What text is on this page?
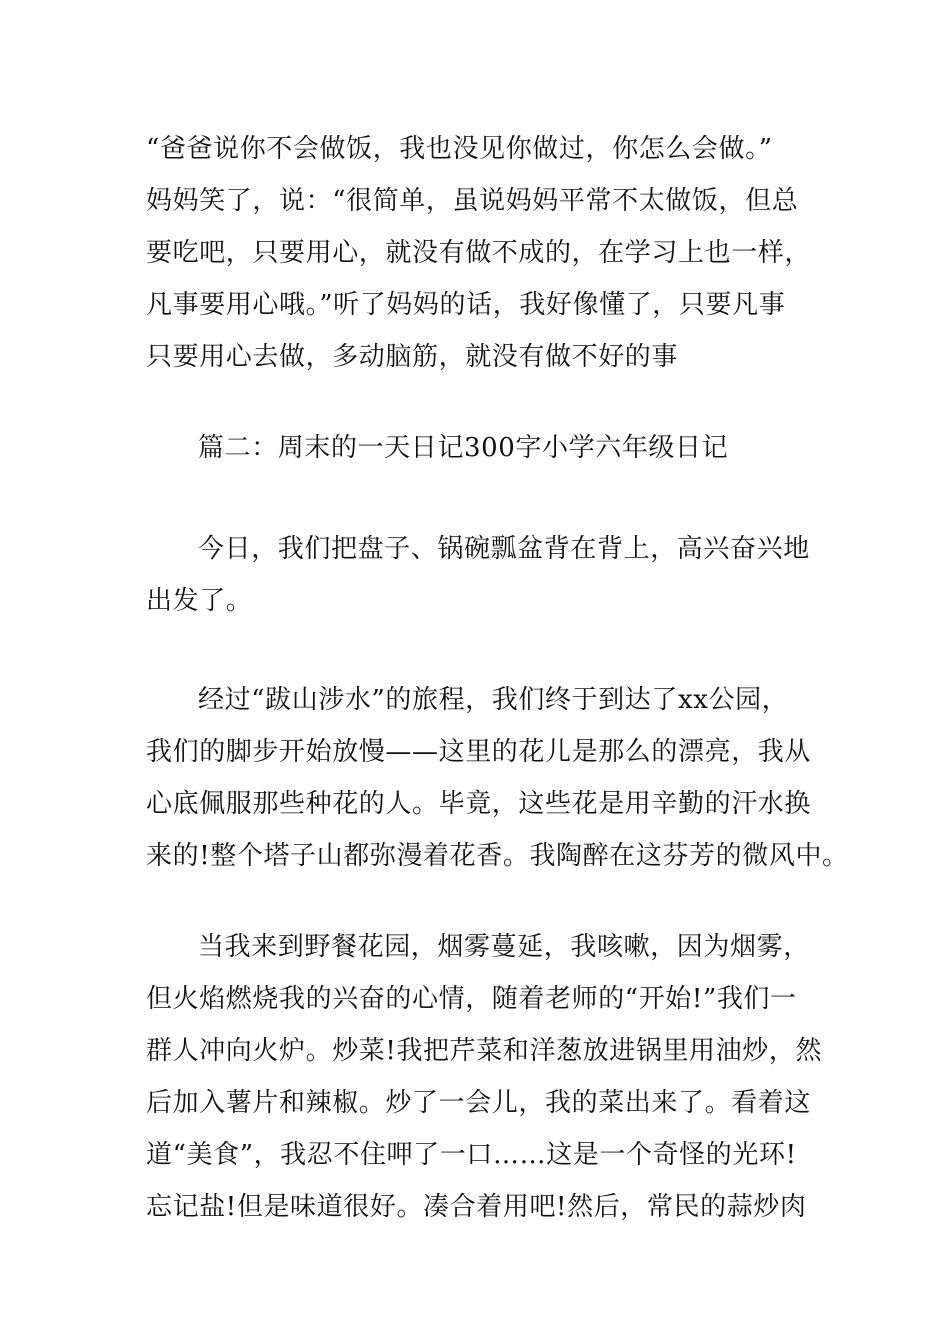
“爸爸说你不会做饭，我也没见你做过，你怎么会做。”
妈妈笑了，说：“很简单，虽说妈妈平常不太做饭，但总
要吃吧，只要用心，就没有做不成的，在学习上也一样，
凡事要用心哦。”听了妈妈的话，我好像懂了，只要凡事
只要用心去做，多动脑筋，就没有做不好的事
篇二：周末的一天日记300字小学六年级日记
今日，我们把盘子、锅碗瓢盆背在背上，高兴奋兴地
出发了。
经过“跋山涉水”的旅程，我们终于到达了xx公园，
我们的脚步开始放慢——这里的花儿是那么的漂亮，我从
心底佩服那些种花的人。毕竟，这些花是用辛勤的汗水换
来的!整个塔子山都弥漫着花香。我陶醉在这芬芳的微风中。
当我来到野餐花园，烟雾蔓延，我咳嗽，因为烟雾，
但火焰燃烧我的兴奋的心情，随着老师的“开始!”我们一
群人冲向火炉。炒菜!我把芹菜和洋葱放进锅里用油炒，然
后加入薯片和辣椒。炒了一会儿，我的菜出来了。看着这
道“美食”，我忍不住呷了一口……这是一个奇怪的光环!
忘记盐!但是味道很好。凑合着用吧!然后，常民的蒜炒肉
